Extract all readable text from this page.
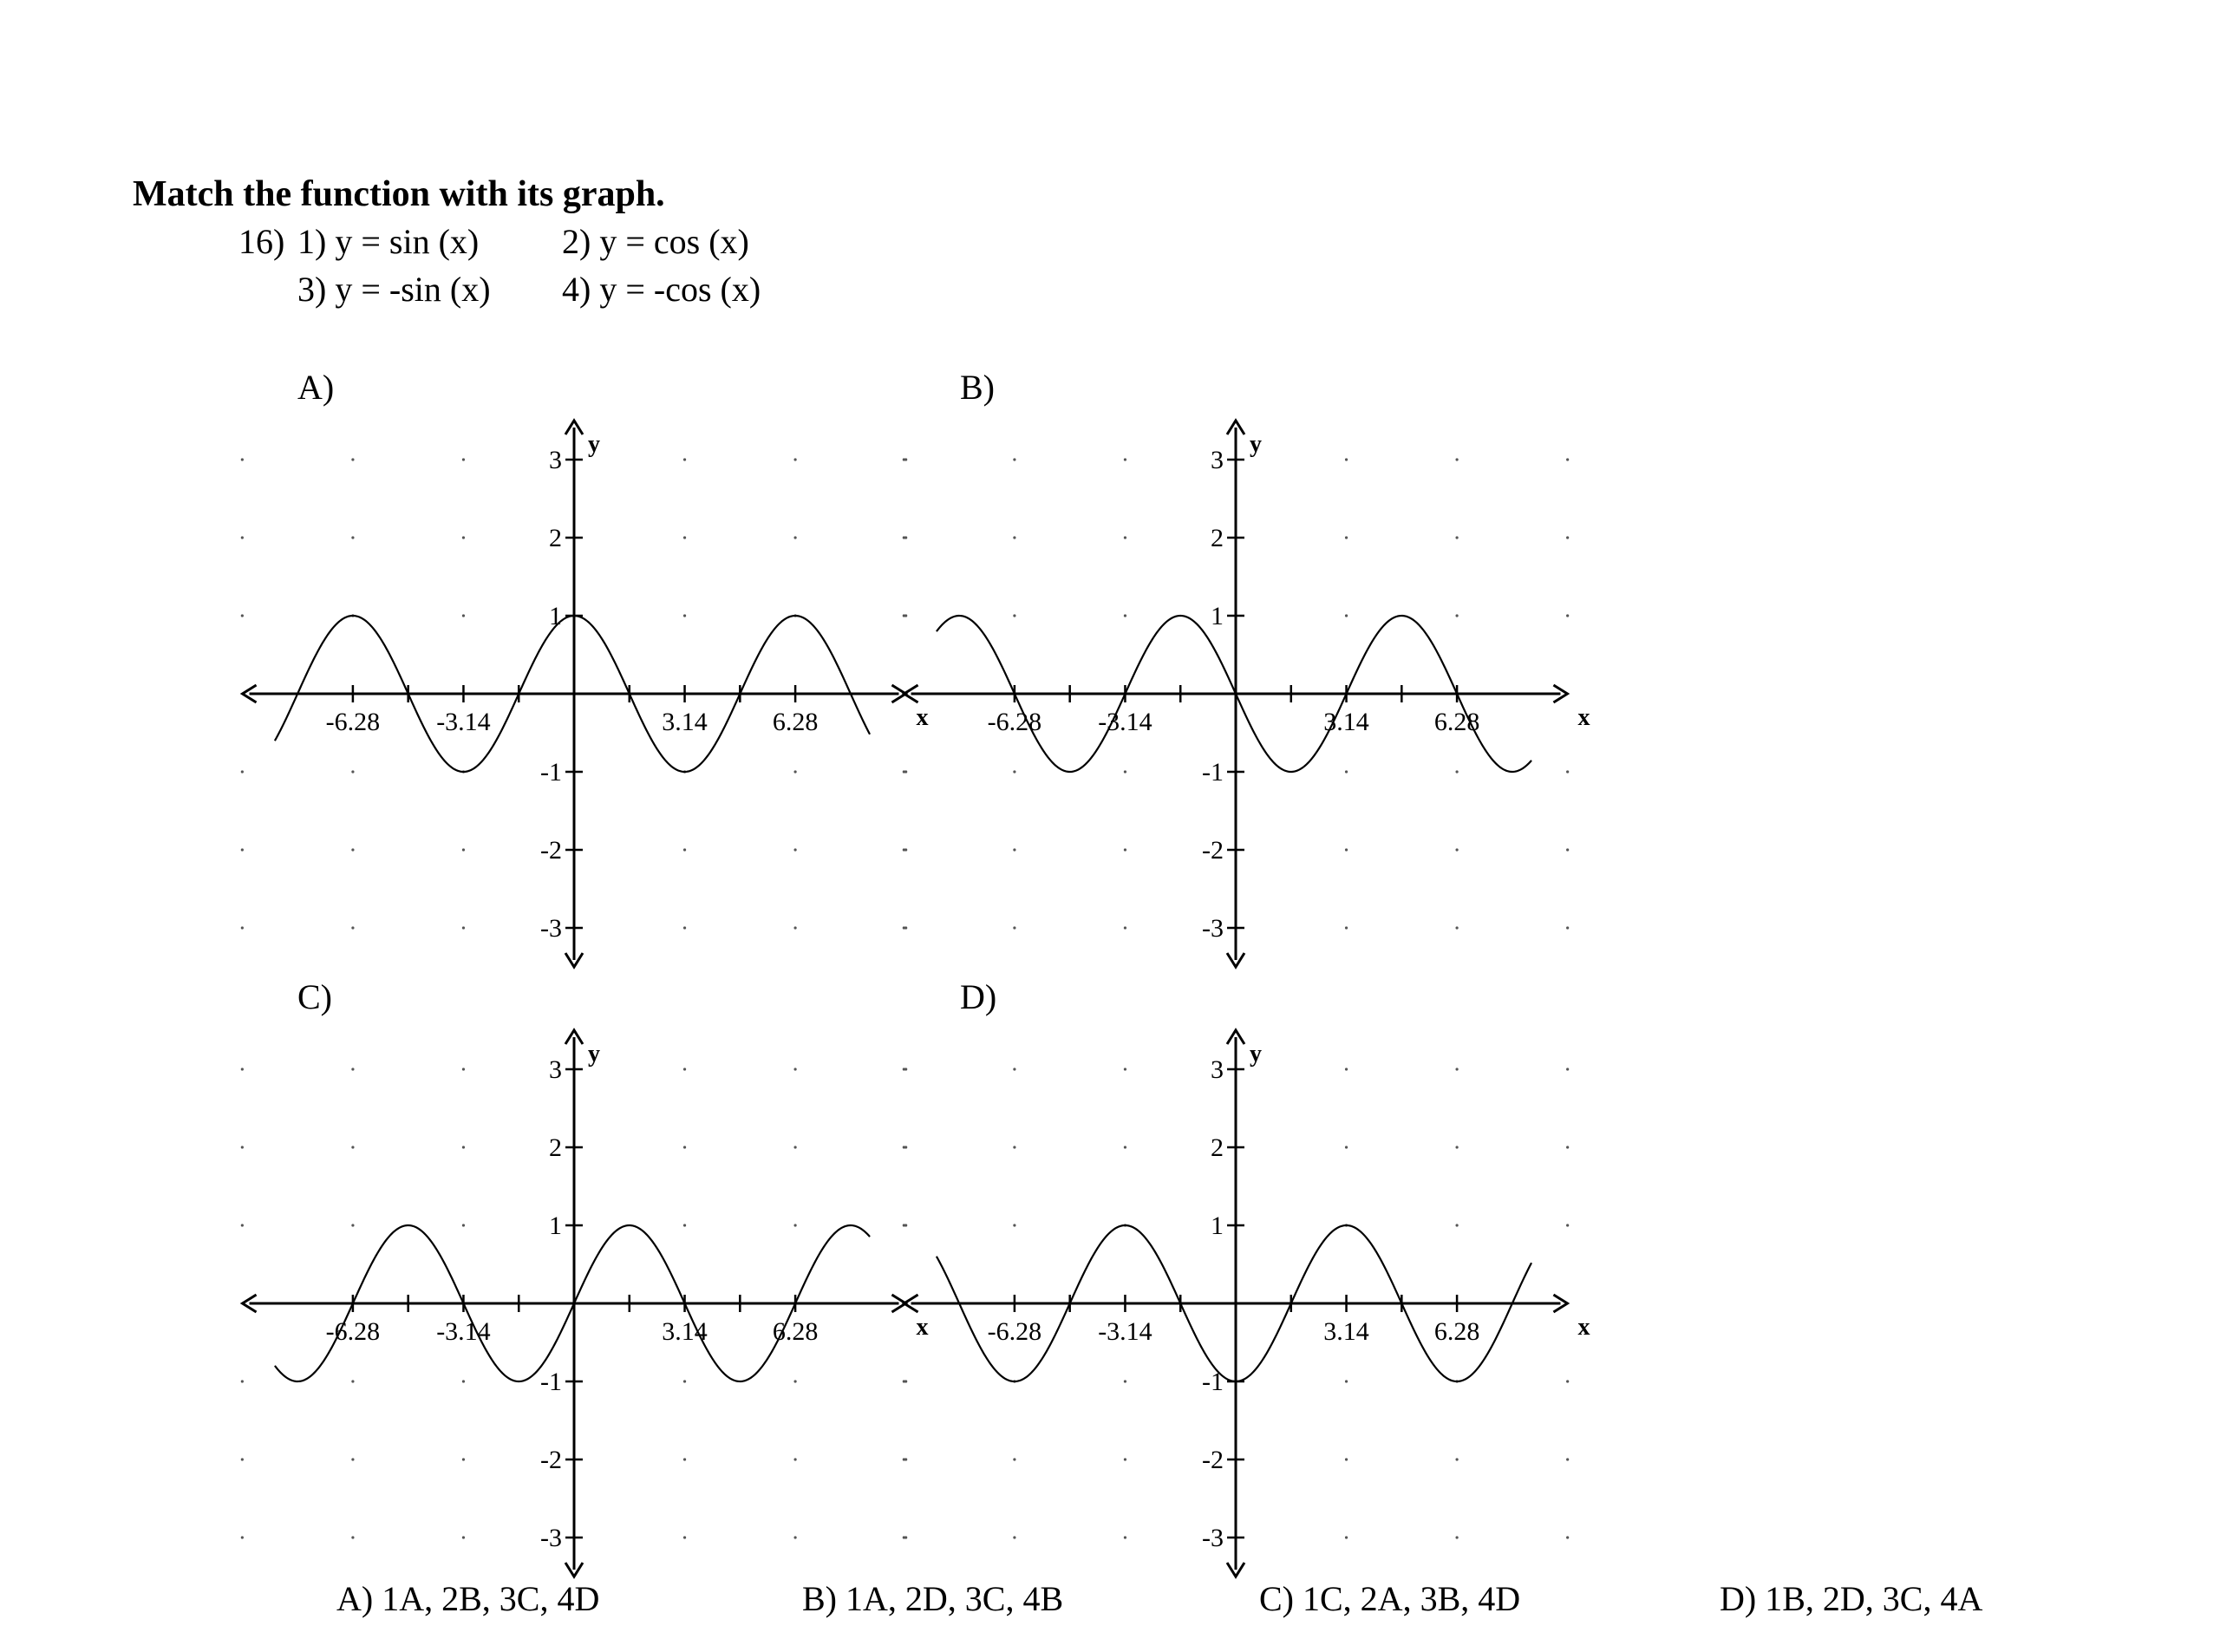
Match the function with its graph.
16) 1) y = sin (x) 2) y = cos (x)
3) y = -sin (x) 4) y = -cos (x)
A)	B)
C)	D)
-6.28 -3.14	3.14	6.28
3
2
1
-1
-2
-3
x
y
-6.28 -3.14	3.14	6.28
3
2
1
-1
-2
-3
x
y
-6.28 -3.14	3.14	6.28
3
2
1
-1
-2
-3
x
y
-6.28 -3.14	3.14	6.28
3
2
1
-1
-2
-3
x
y
A) 1A, 2B, 3C, 4D	B) 1A, 2D, 3C, 4B	C) 1C, 2A, 3B, 4D	D) 1B, 2D, 3C, 4A
